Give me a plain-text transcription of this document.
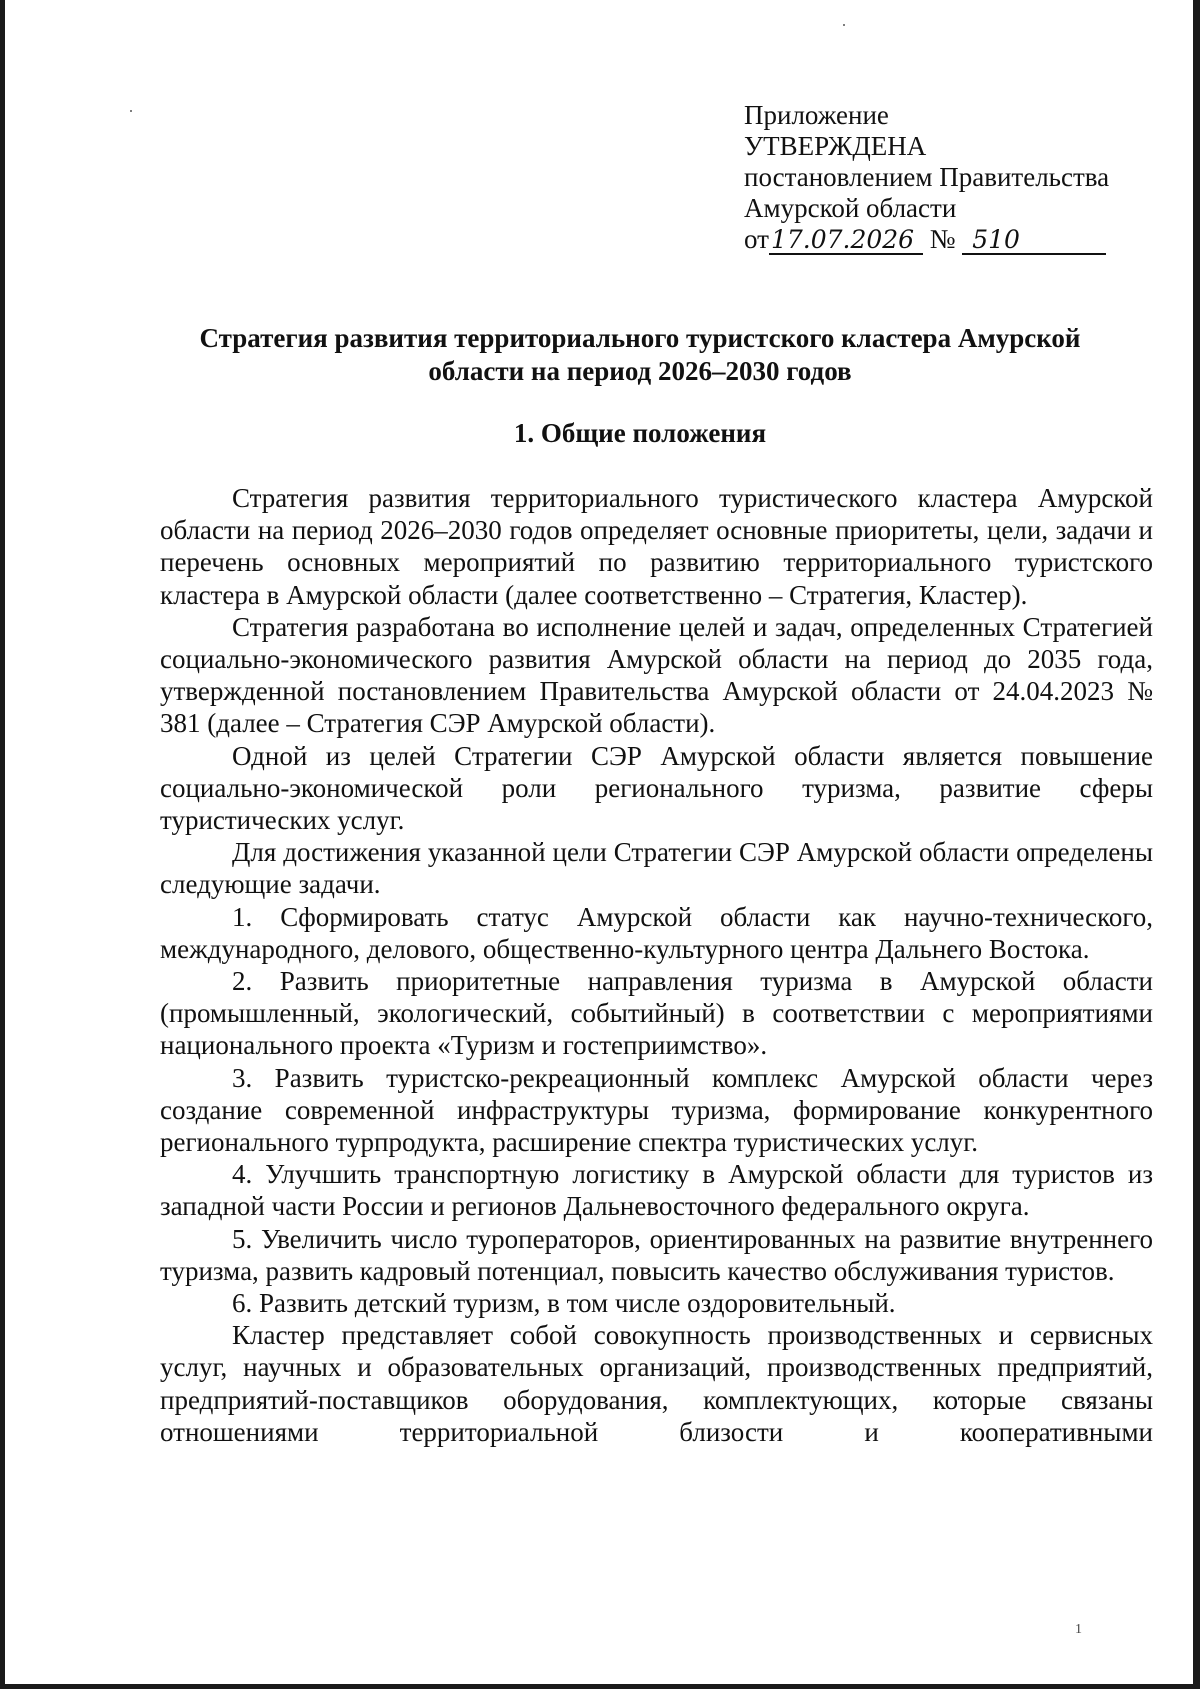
Приложение
УТВЕРЖДЕНА
постановлением Правительства
Амурской области
от17.07.2026 № 510
Стратегия развития территориального туристского кластера Амурской области на период 2026–2030 годов
1. Общие положения

Стратегия развития территориального туристического кластера Амурской области на период 2026–2030 годов определяет основные приоритеты, цели, задачи и перечень основных мероприятий по развитию территориального туристского кластера в Амурской области (далее соответственно – Стратегия, Кластер).

Стратегия разработана во исполнение целей и задач, определенных Стратегией социально-экономического развития Амурской области на период до 2035 года, утвержденной постановлением Правительства Амурской области от 24.04.2023 № 381 (далее – Стратегия СЭР Амурской области).

Одной из целей Стратегии СЭР Амурской области является повышение социально-экономической роли регионального туризма, развитие сферы туристических услуг.

Для достижения указанной цели Стратегии СЭР Амурской области определены следующие задачи.

1. Сформировать статус Амурской области как научно-технического, международного, делового, общественно-культурного центра Дальнего Востока.

2. Развить приоритетные направления туризма в Амурской области (промышленный, экологический, событийный) в соответствии с мероприятиями национального проекта «Туризм и гостеприимство».

3. Развить туристско-рекреационный комплекс Амурской области через создание современной инфраструктуры туризма, формирование конкурентного регионального турпродукта, расширение спектра туристических услуг.

4. Улучшить транспортную логистику в Амурской области для туристов из западной части России и регионов Дальневосточного федерального округа.

5. Увеличить число туроператоров, ориентированных на развитие внутреннего туризма, развить кадровый потенциал, повысить качество обслуживания туристов.

6. Развить детский туризм, в том числе оздоровительный.

Кластер представляет собой совокупность производственных и сервисных услуг, научных и образовательных организаций, производственных предприятий, предприятий-поставщиков оборудования, комплектующих, которые связаны отношениями территориальной близости и кооперативными

1
